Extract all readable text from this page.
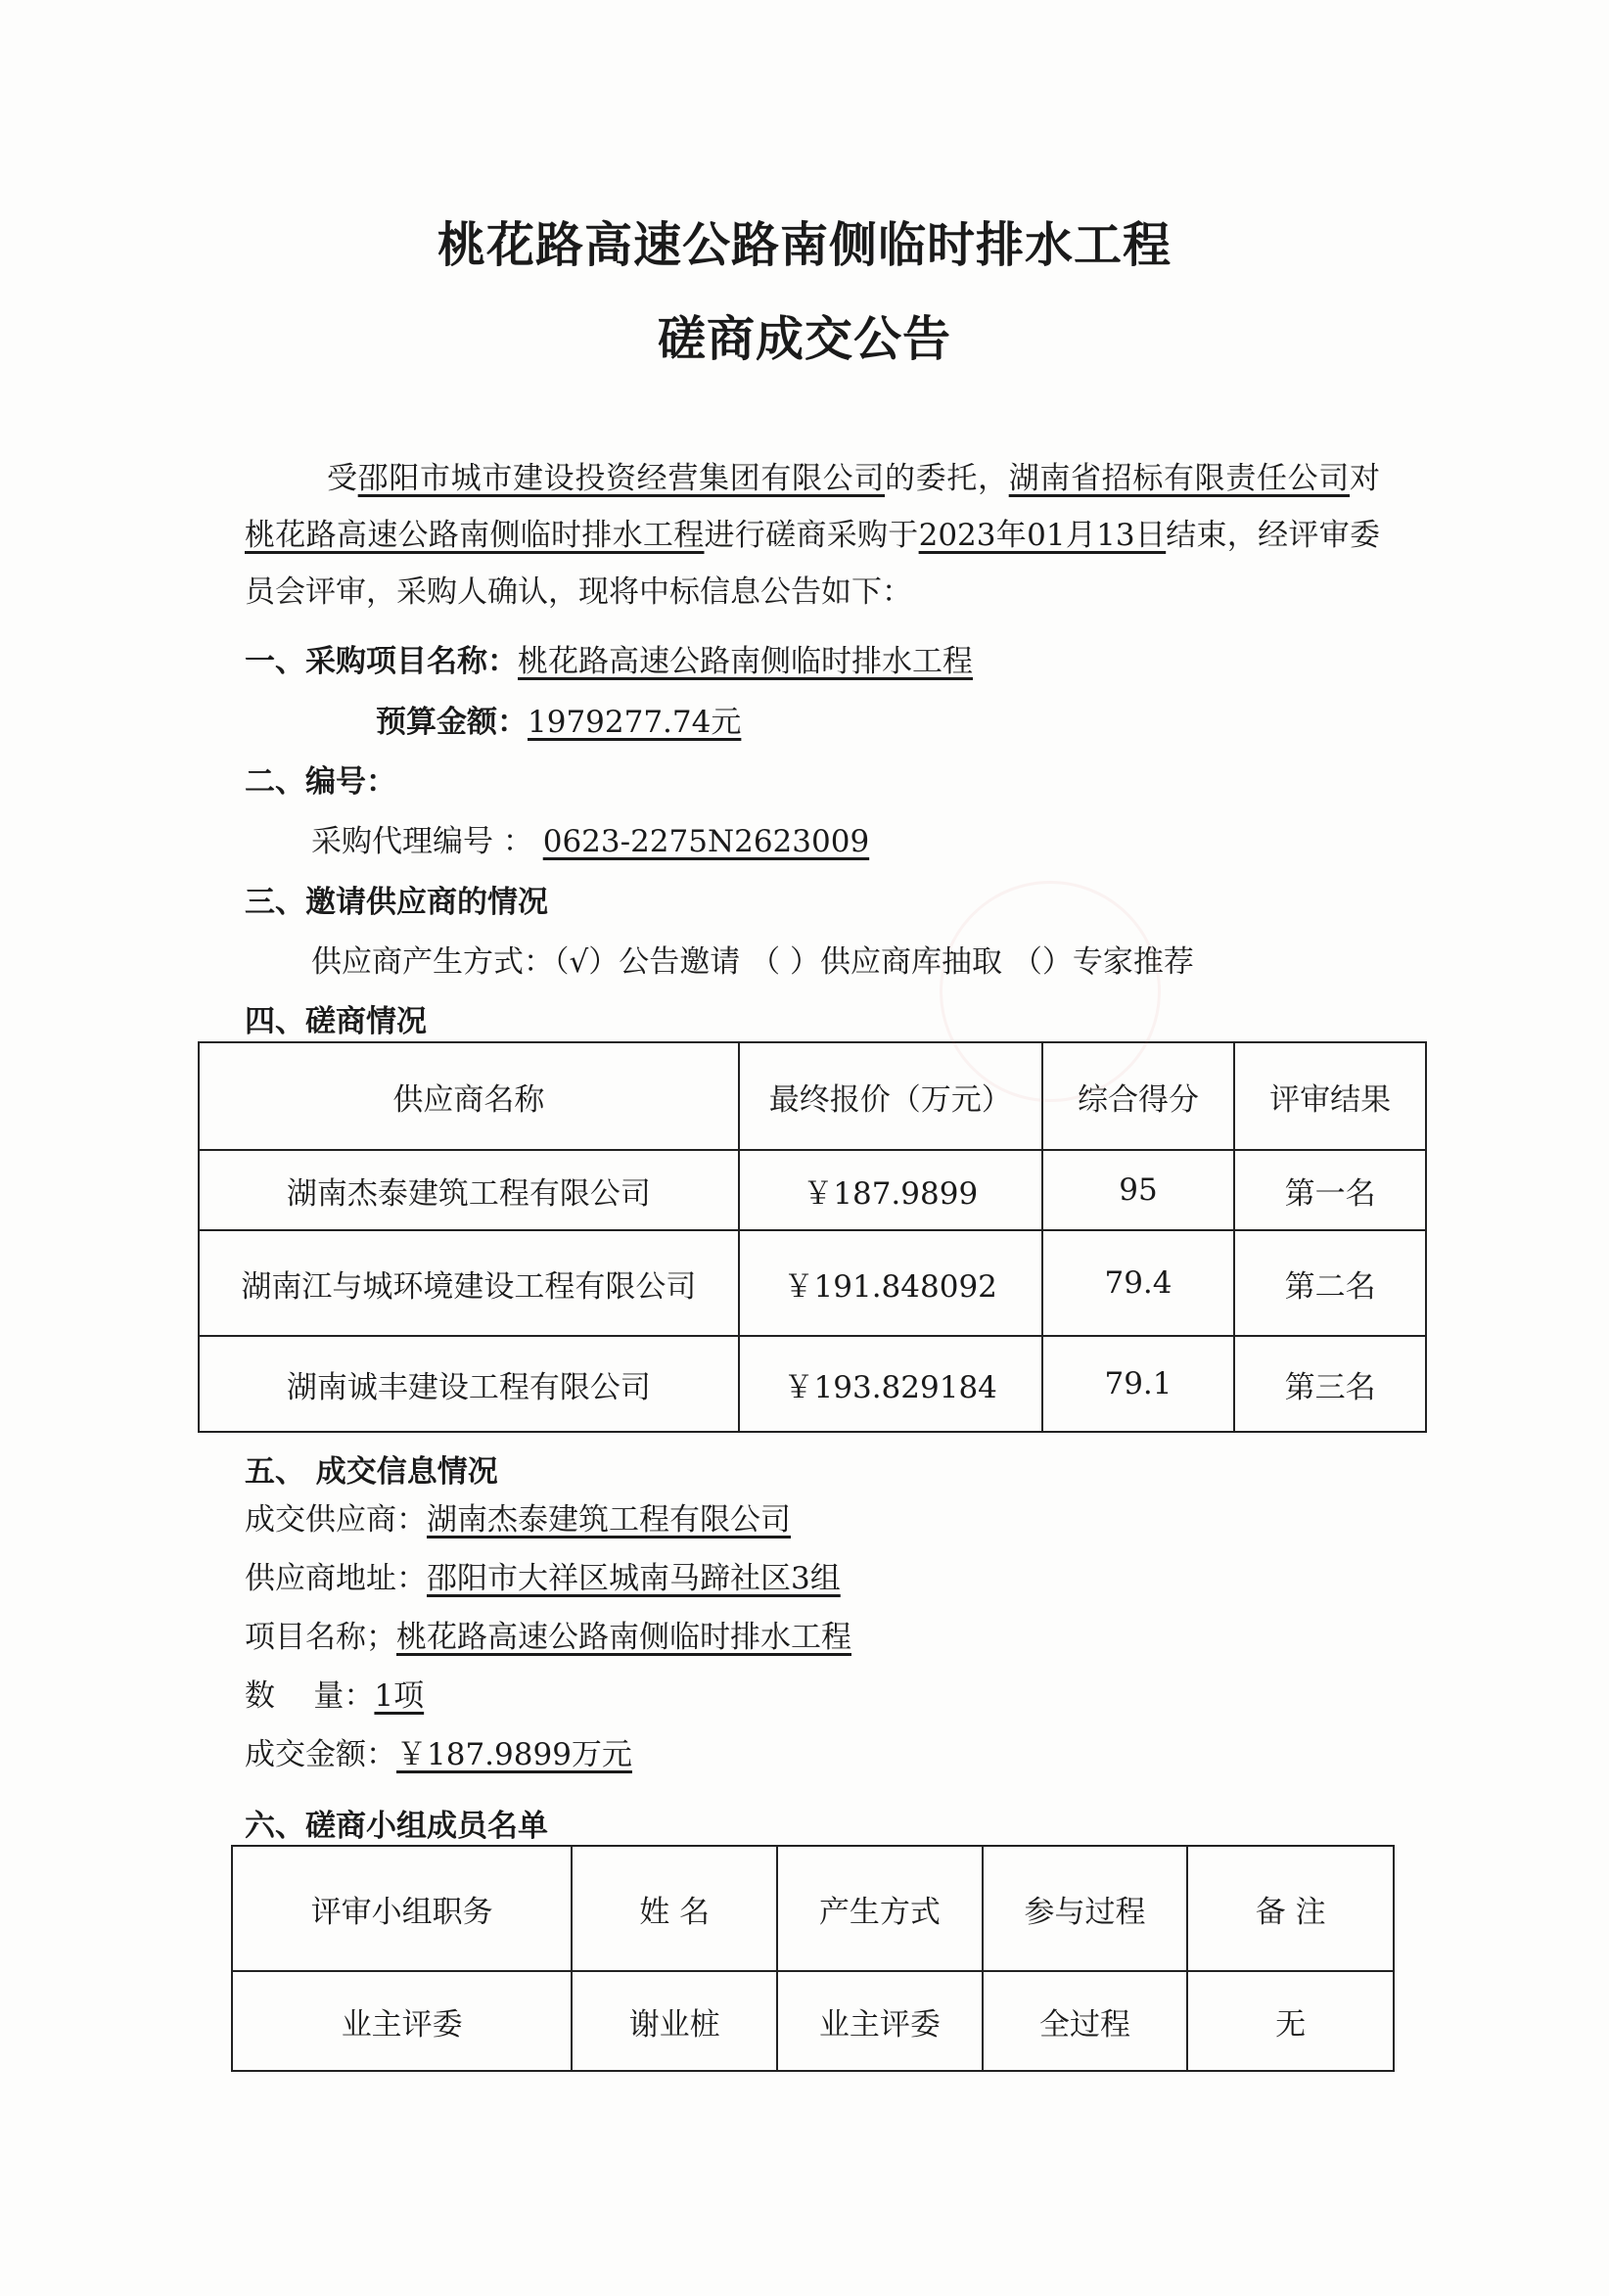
桃花路高速公路南侧临时排水工程
磋商成交公告
受邵阳市城市建设投资经营集团有限公司的委托，湖南省招标有限责任公司对桃花路高速公路南侧临时排水工程进行磋商采购于2023年01月13日结束，经评审委员会评审，采购人确认，现将中标信息公告如下：
一、采购项目名称：桃花路高速公路南侧临时排水工程
预算金额：1979277.74元
二、编号：
采购代理编号 ： 0623-2275N2623009
三、邀请供应商的情况
供应商产生方式：（√）公告邀请 （ ）供应商库抽取 （）专家推荐
四、磋商情况
供应商名称	最终报价（万元）	综合得分	评审结果
湖南杰泰建筑工程有限公司	￥187.9899	95	第一名
湖南江与城环境建设工程有限公司	￥191.848092	79.4	第二名
湖南诚丰建设工程有限公司	￥193.829184	79.1	第三名
五、 成交信息情况
成交供应商：湖南杰泰建筑工程有限公司
供应商地址：邵阳市大祥区城南马蹄社区3组
项目名称；桃花路高速公路南侧临时排水工程
数    量：1项
成交金额：￥187.9899万元
六、磋商小组成员名单
评审小组职务	姓 名	产生方式	参与过程	备 注
业主评委	谢业桩	业主评委	全过程	无
